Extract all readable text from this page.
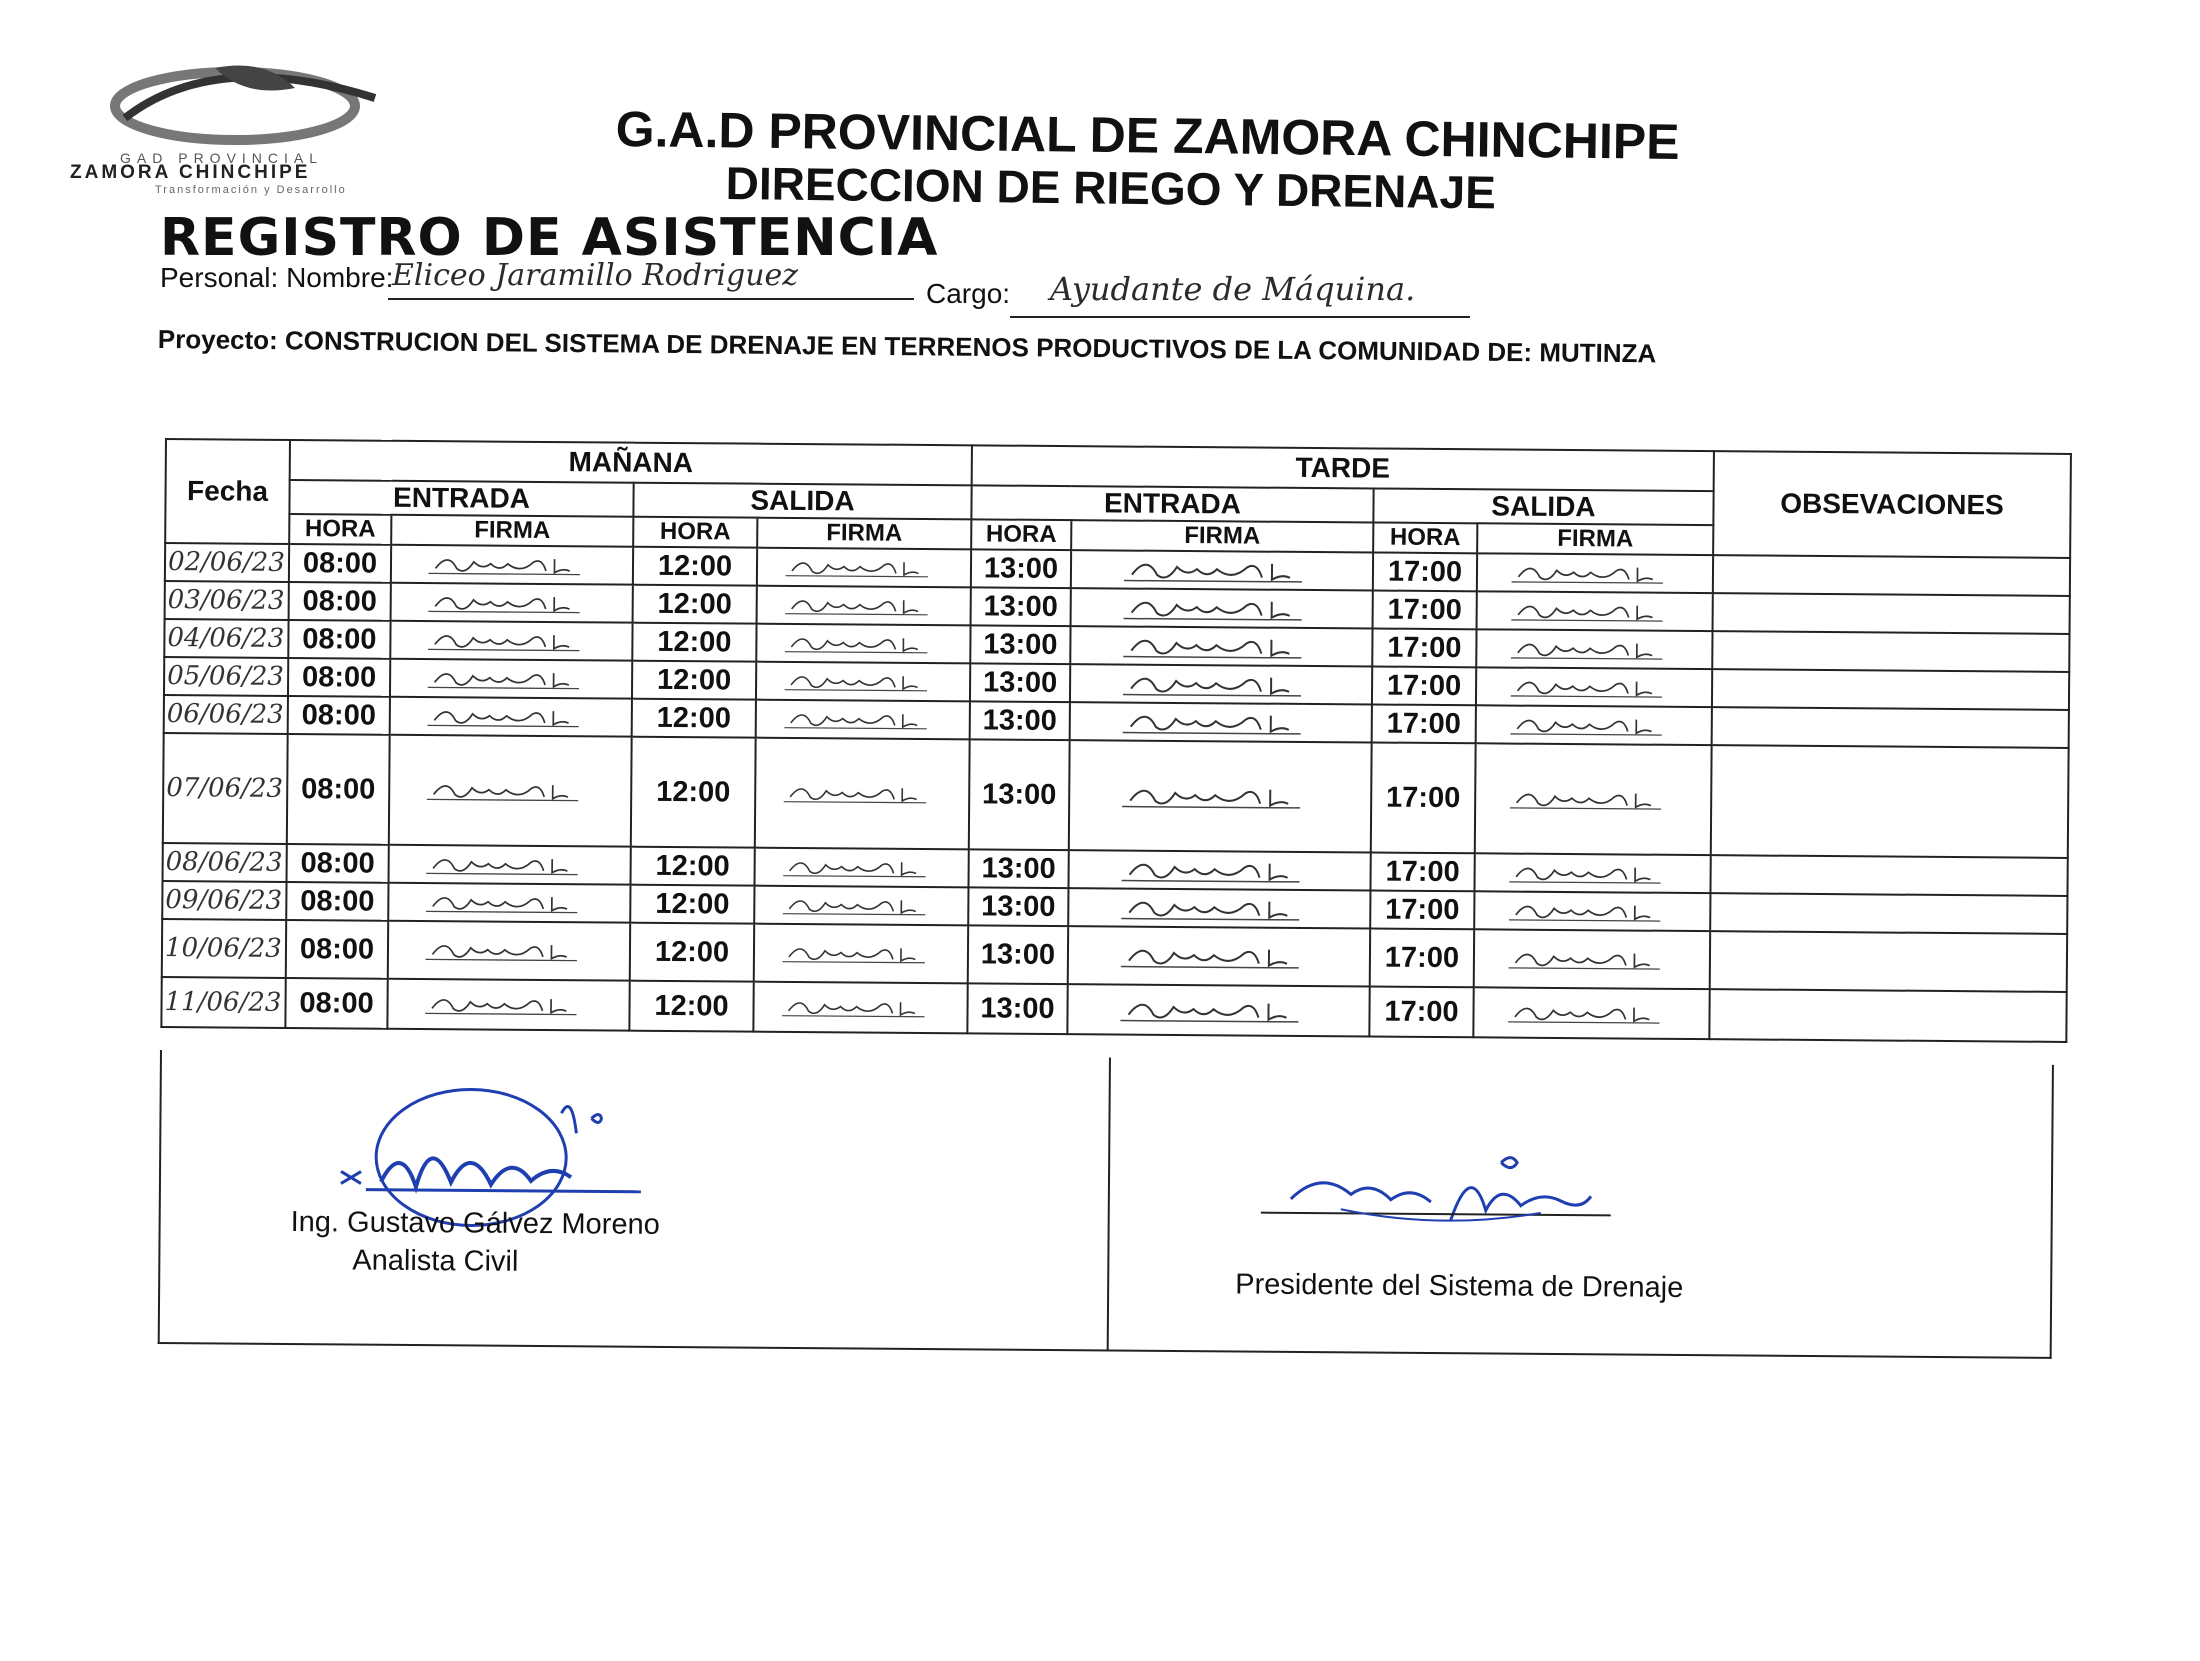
GAD PROVINCIAL
ZAMORA CHINCHIPE
Transformación y Desarrollo
G.A.D PROVINCIAL DE ZAMORA CHINCHIPE
DIRECCION DE RIEGO Y DRENAJE
REGISTRO DE ASISTENCIA
Personal: Nombre:
Eliceo Jaramillo Rodriguez
Cargo: Ayudante de Máquina.
Proyecto: CONSTRUCION DEL SISTEMA DE DRENAJE EN TERRENOS PRODUCTIVOS DE LA COMUNIDAD DE: MUTINZA
Fecha	MAÑANA				TARDE				OBSEVACIONES
	ENTRADA		SALIDA		ENTRADA		SALIDA		
	HORA	FIRMA	HORA	FIRMA	HORA	FIRMA	HORA	FIRMA	
02/06/23	08:00		12:00		13:00		17:00	

03/06/23	08:00		12:00		13:00		17:00	

04/06/23	08:00		12:00		13:00		17:00	

05/06/23	08:00		12:00		13:00		17:00	

06/06/23	08:00		12:00		13:00		17:00	

07/06/23	08:00		12:00		13:00		17:00	

08/06/23	08:00		12:00		13:00		17:00	

09/06/23	08:00		12:00		13:00		17:00	

10/06/23	08:00		12:00		13:00		17:00	

11/06/23	08:00		12:00		13:00		17:00	

Ing. Gustavo Gálvez Moreno
Analista Civil
Presidente del Sistema de Drenaje
